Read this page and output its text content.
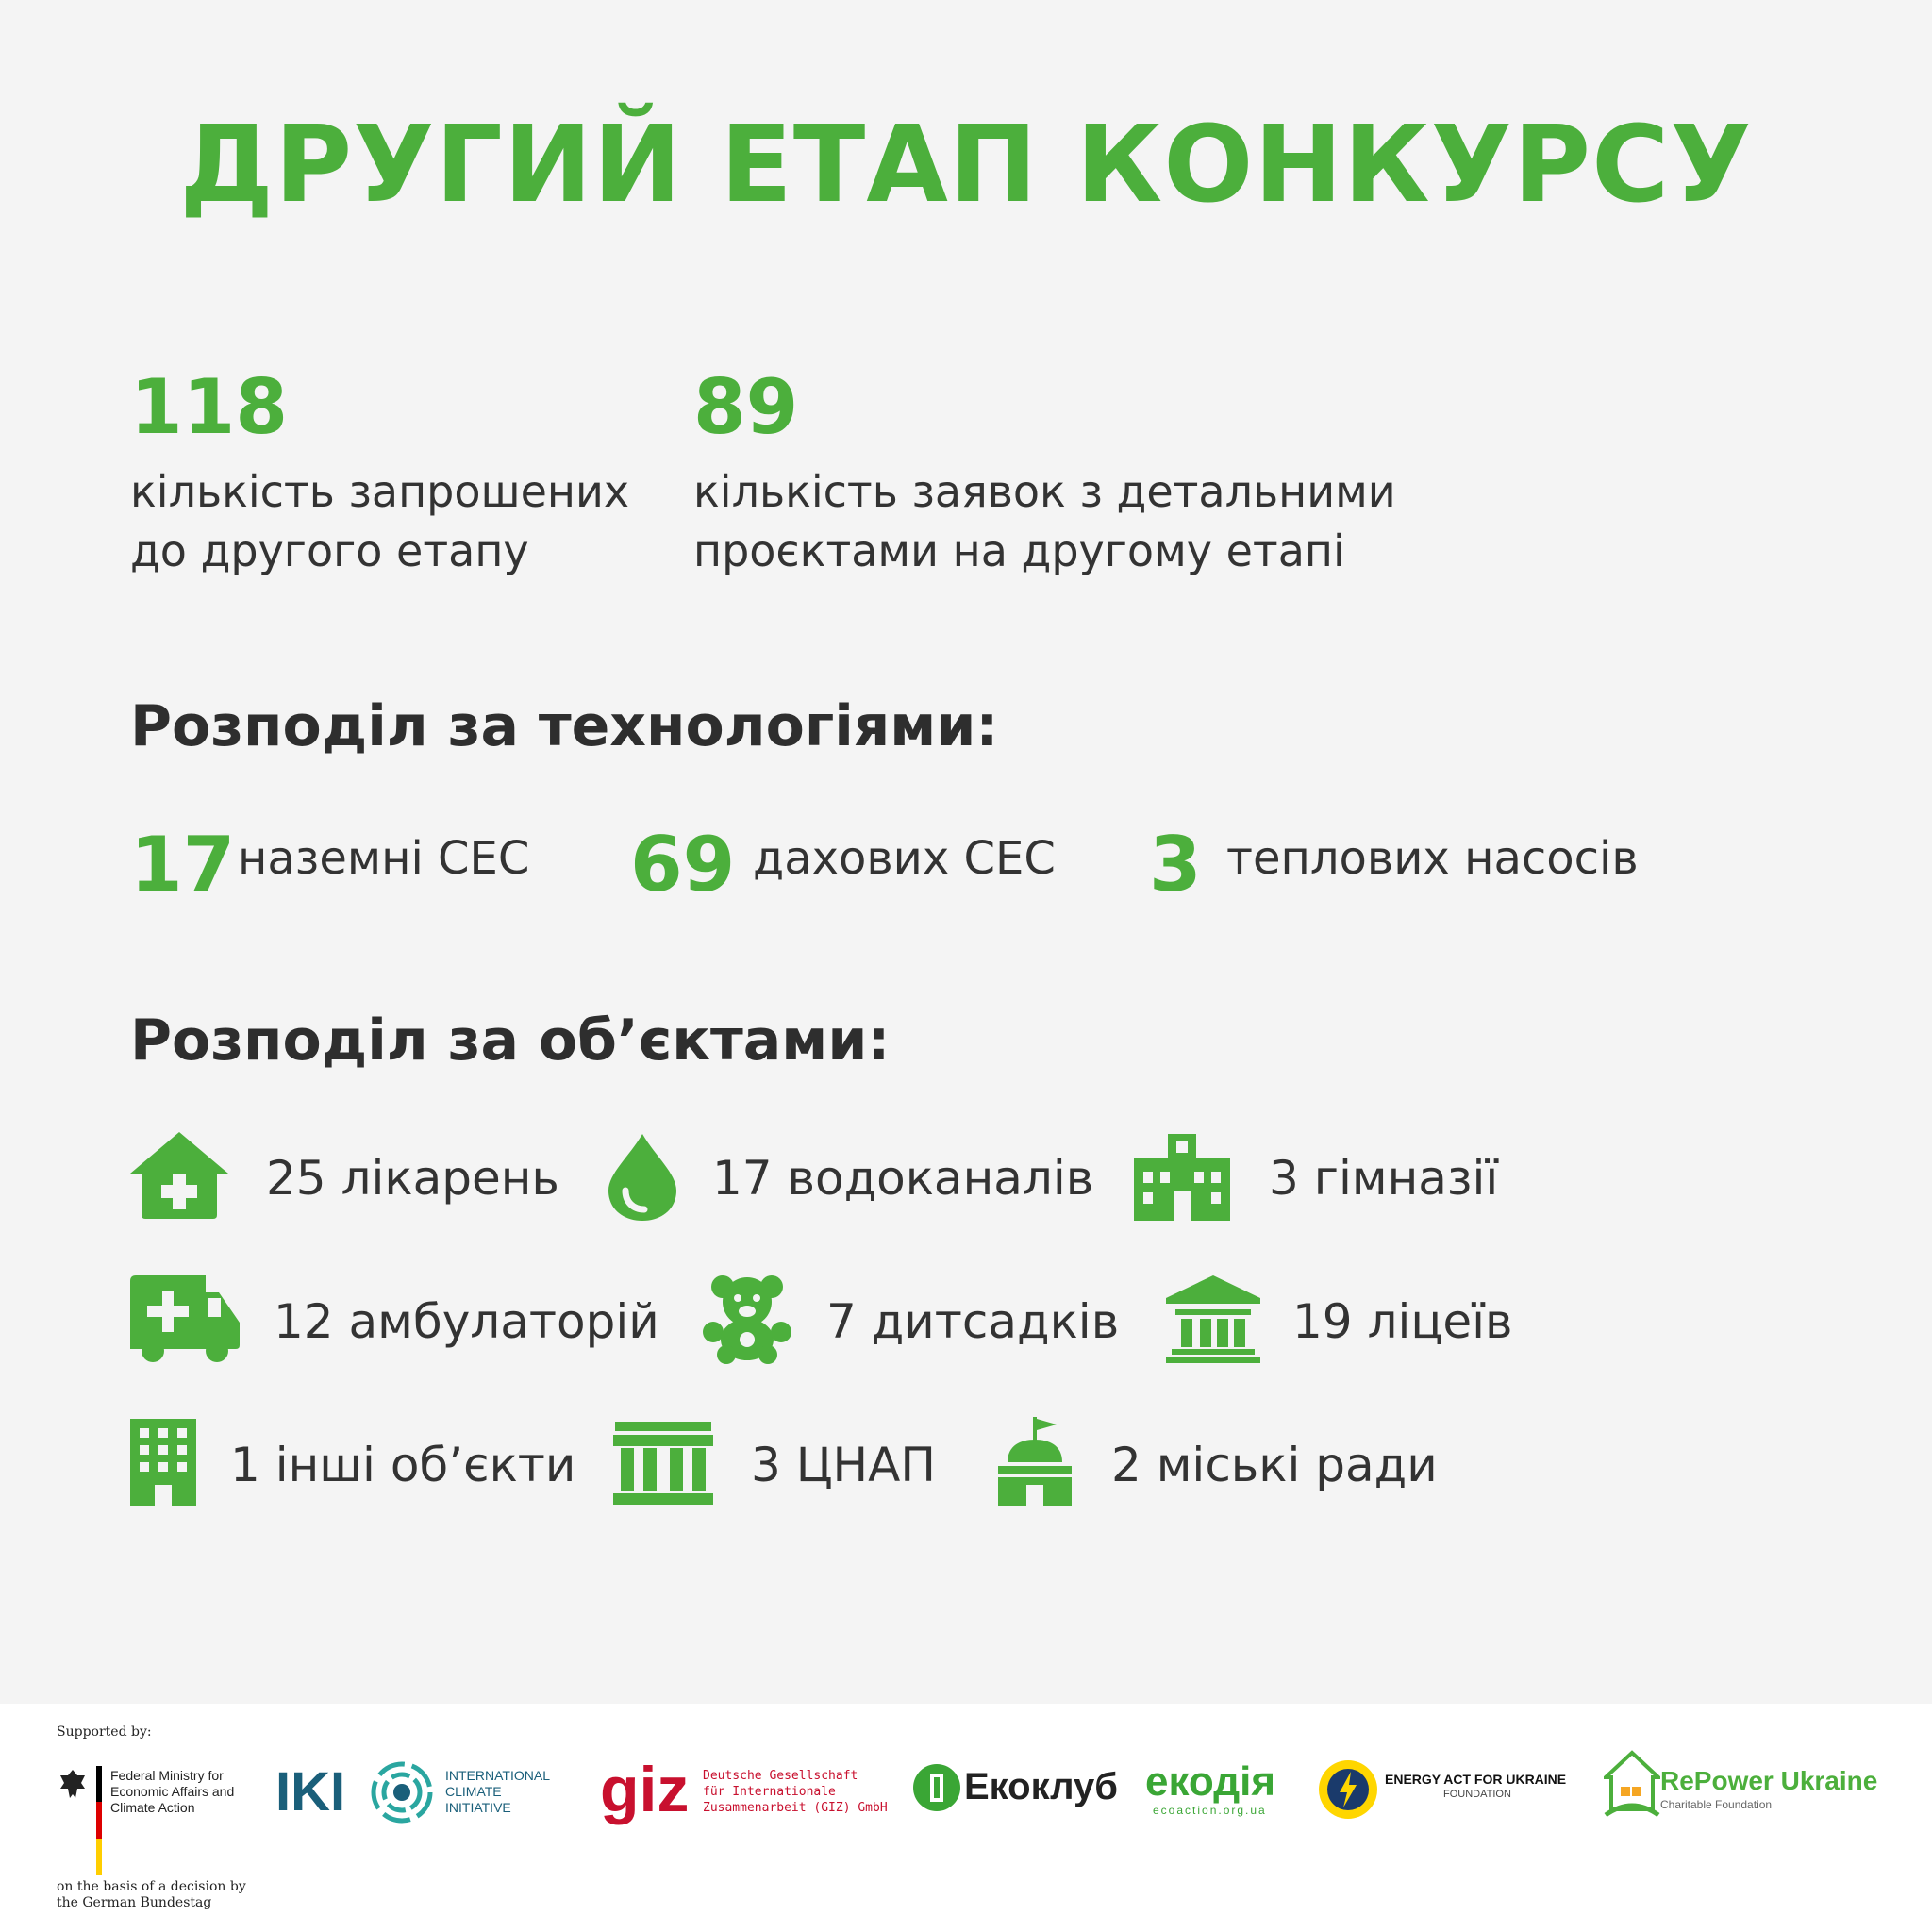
ДРУГИЙ ЕТАП КОНКУРСУ
118
кількість запрошених
до другого етапу
89
кількість заявок з детальними
проєктами на другому етапі
Розподіл за технологіями:
17 наземні СЕС 69 дахових СЕС 3 теплових насосів
Розподіл за об’єктами:
25 лікарень	17 водоканалів	3 гімназії
12 амбулаторій	7 дитсадків	19 ліцеїв
1 інші об’єкти	3 ЦНАП	2 міські ради
Supported by:
Federal Ministry for Economic Affairs and Climate Action
on the basis of a decision by the German Bundestag
IKI	INTERNATIONAL
CLIMATE
INITIATIVE	giz Deutsche Gesellschaft
für Internationale
Zusammenarbeit (GIZ) GmbH
Екоклуб екодія
ecoaction.org.ua
ENERGY ACT FOR UKRAINE
FOUNDATION	RePower Ukraine
Charitable Foundation
